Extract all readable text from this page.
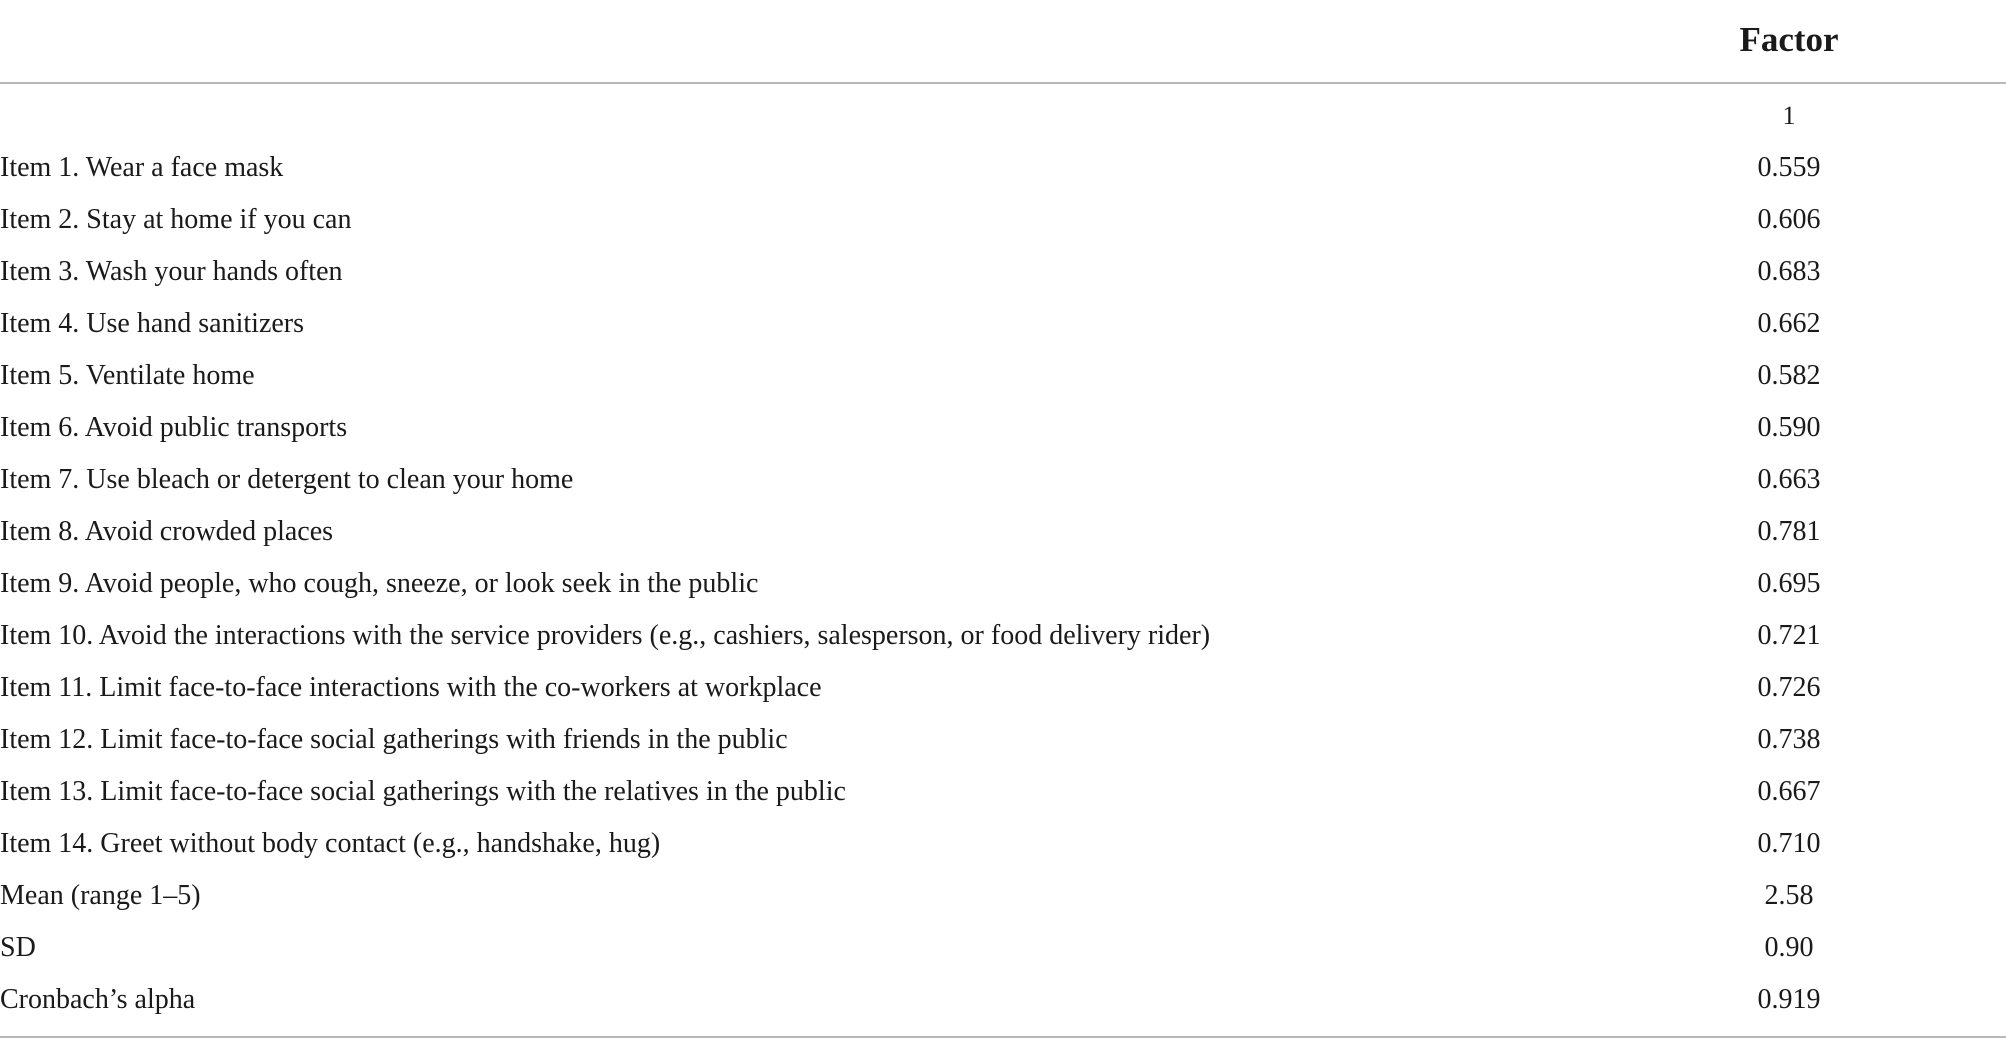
Factor
1
Item 1. Wear a face mask	0.559
Item 2. Stay at home if you can	0.606
Item 3. Wash your hands often	0.683
Item 4. Use hand sanitizers	0.662
Item 5. Ventilate home	0.582
Item 6. Avoid public transports	0.590
Item 7. Use bleach or detergent to clean your home	0.663
Item 8. Avoid crowded places	0.781
Item 9. Avoid people, who cough, sneeze, or look seek in the public	0.695
Item 10. Avoid the interactions with the service providers (e.g., cashiers, salesperson, or food delivery rider)	0.721
Item 11. Limit face-to-face interactions with the co-workers at workplace	0.726
Item 12. Limit face-to-face social gatherings with friends in the public	0.738
Item 13. Limit face-to-face social gatherings with the relatives in the public	0.667
Item 14. Greet without body contact (e.g., handshake, hug)	0.710
Mean (range 1–5)	2.58
SD	0.90
Cronbach’s alpha	0.919
